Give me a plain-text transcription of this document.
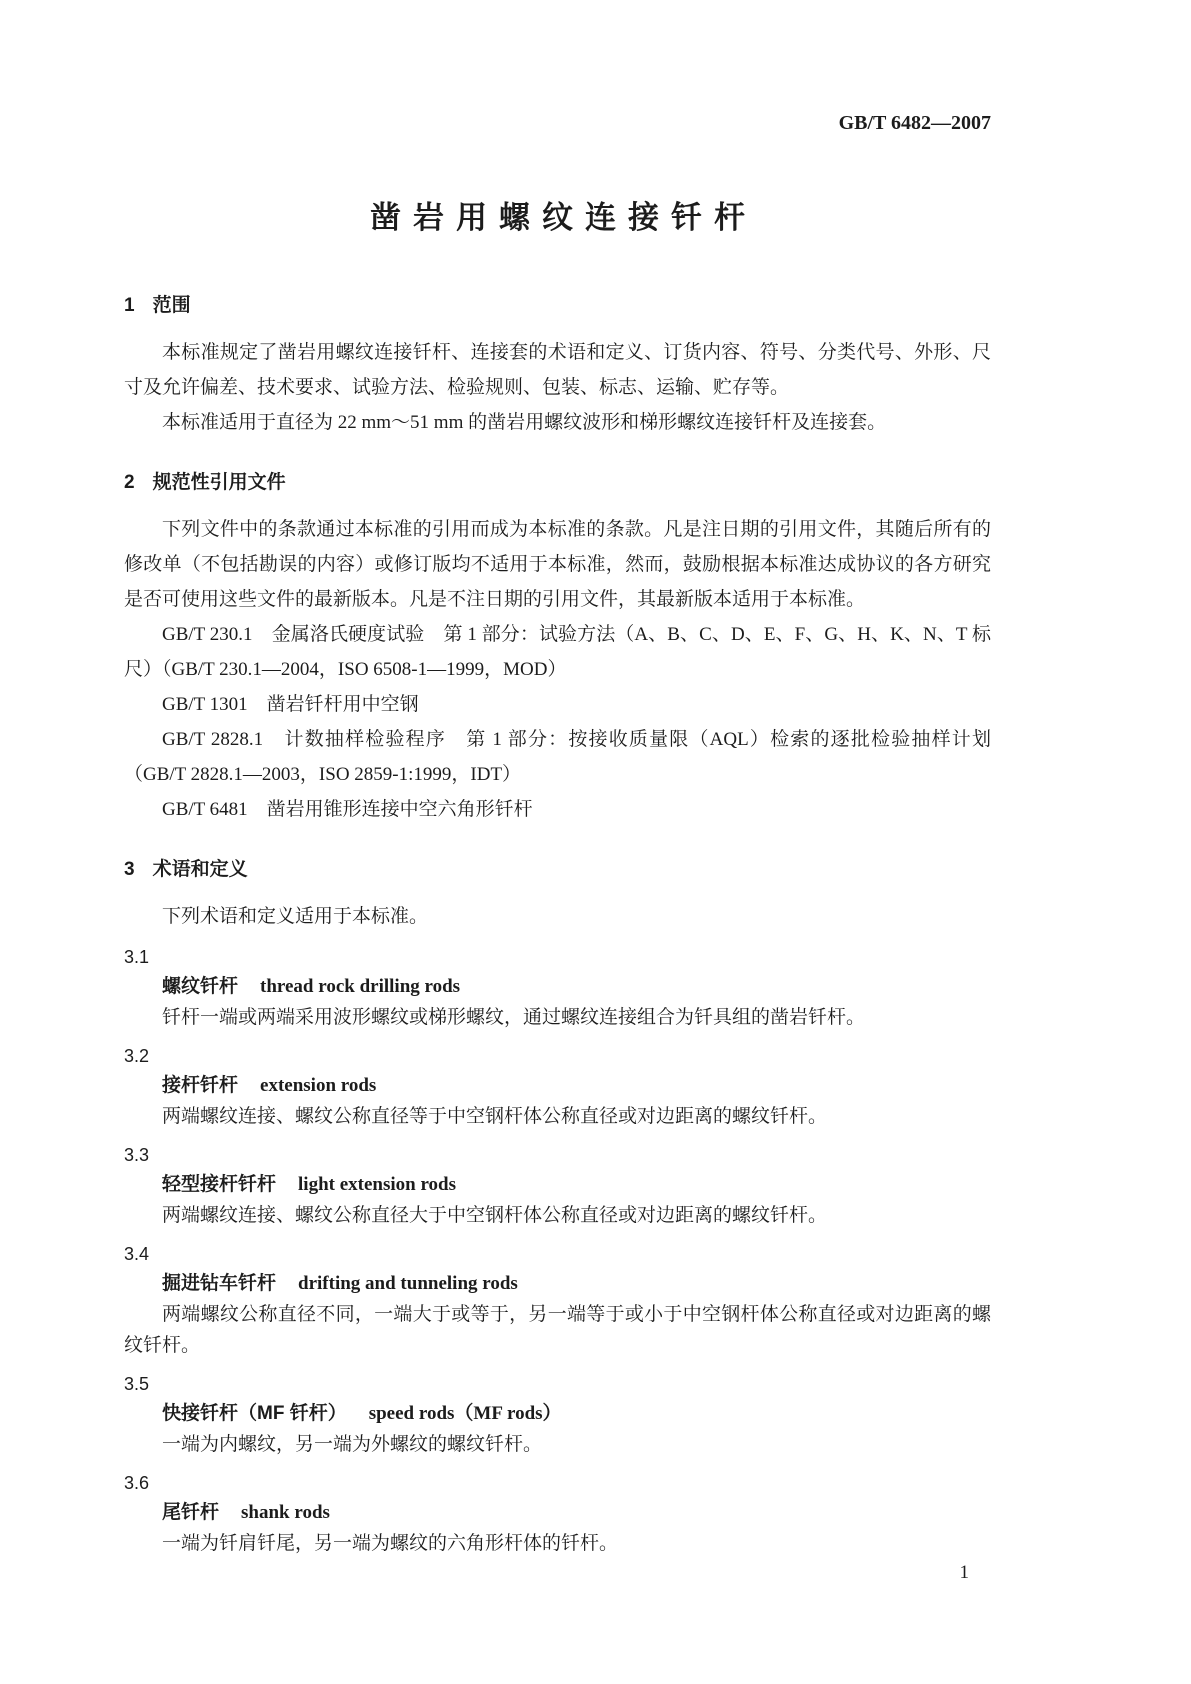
GB/T 6482—2007
凿岩用螺纹连接钎杆
1 范围

本标准规定了凿岩用螺纹连接钎杆、连接套的术语和定义、订货内容、符号、分类代号、外形、尺寸及允许偏差、技术要求、试验方法、检验规则、包装、标志、运输、贮存等。

本标准适用于直径为 22 mm～51 mm 的凿岩用螺纹波形和梯形螺纹连接钎杆及连接套。

2 规范性引用文件

下列文件中的条款通过本标准的引用而成为本标准的条款。凡是注日期的引用文件，其随后所有的修改单（不包括勘误的内容）或修订版均不适用于本标准，然而，鼓励根据本标准达成协议的各方研究是否可使用这些文件的最新版本。凡是不注日期的引用文件，其最新版本适用于本标准。

GB/T 230.1　金属洛氏硬度试验　第 1 部分：试验方法（A、B、C、D、E、F、G、H、K、N、T 标尺）（GB/T 230.1—2004，ISO 6508-1—1999，MOD）

GB/T 1301　凿岩钎杆用中空钢

GB/T 2828.1　计数抽样检验程序　第 1 部分：按接收质量限（AQL）检索的逐批检验抽样计划（GB/T 2828.1—2003，ISO 2859-1:1999，IDT）

GB/T 6481　凿岩用锥形连接中空六角形钎杆

3 术语和定义

下列术语和定义适用于本标准。

3.1
螺纹钎杆 thread rock drilling rods

钎杆一端或两端采用波形螺纹或梯形螺纹，通过螺纹连接组合为钎具组的凿岩钎杆。

3.2
接杆钎杆 extension rods

两端螺纹连接、螺纹公称直径等于中空钢杆体公称直径或对边距离的螺纹钎杆。

3.3
轻型接杆钎杆 light extension rods

两端螺纹连接、螺纹公称直径大于中空钢杆体公称直径或对边距离的螺纹钎杆。

3.4
掘进钻车钎杆 drifting and tunneling rods

两端螺纹公称直径不同，一端大于或等于，另一端等于或小于中空钢杆体公称直径或对边距离的螺纹钎杆。

3.5
快接钎杆（MF 钎杆） speed rods（MF rods）

一端为内螺纹，另一端为外螺纹的螺纹钎杆。

3.6
尾钎杆 shank rods

一端为钎肩钎尾，另一端为螺纹的六角形杆体的钎杆。

1
